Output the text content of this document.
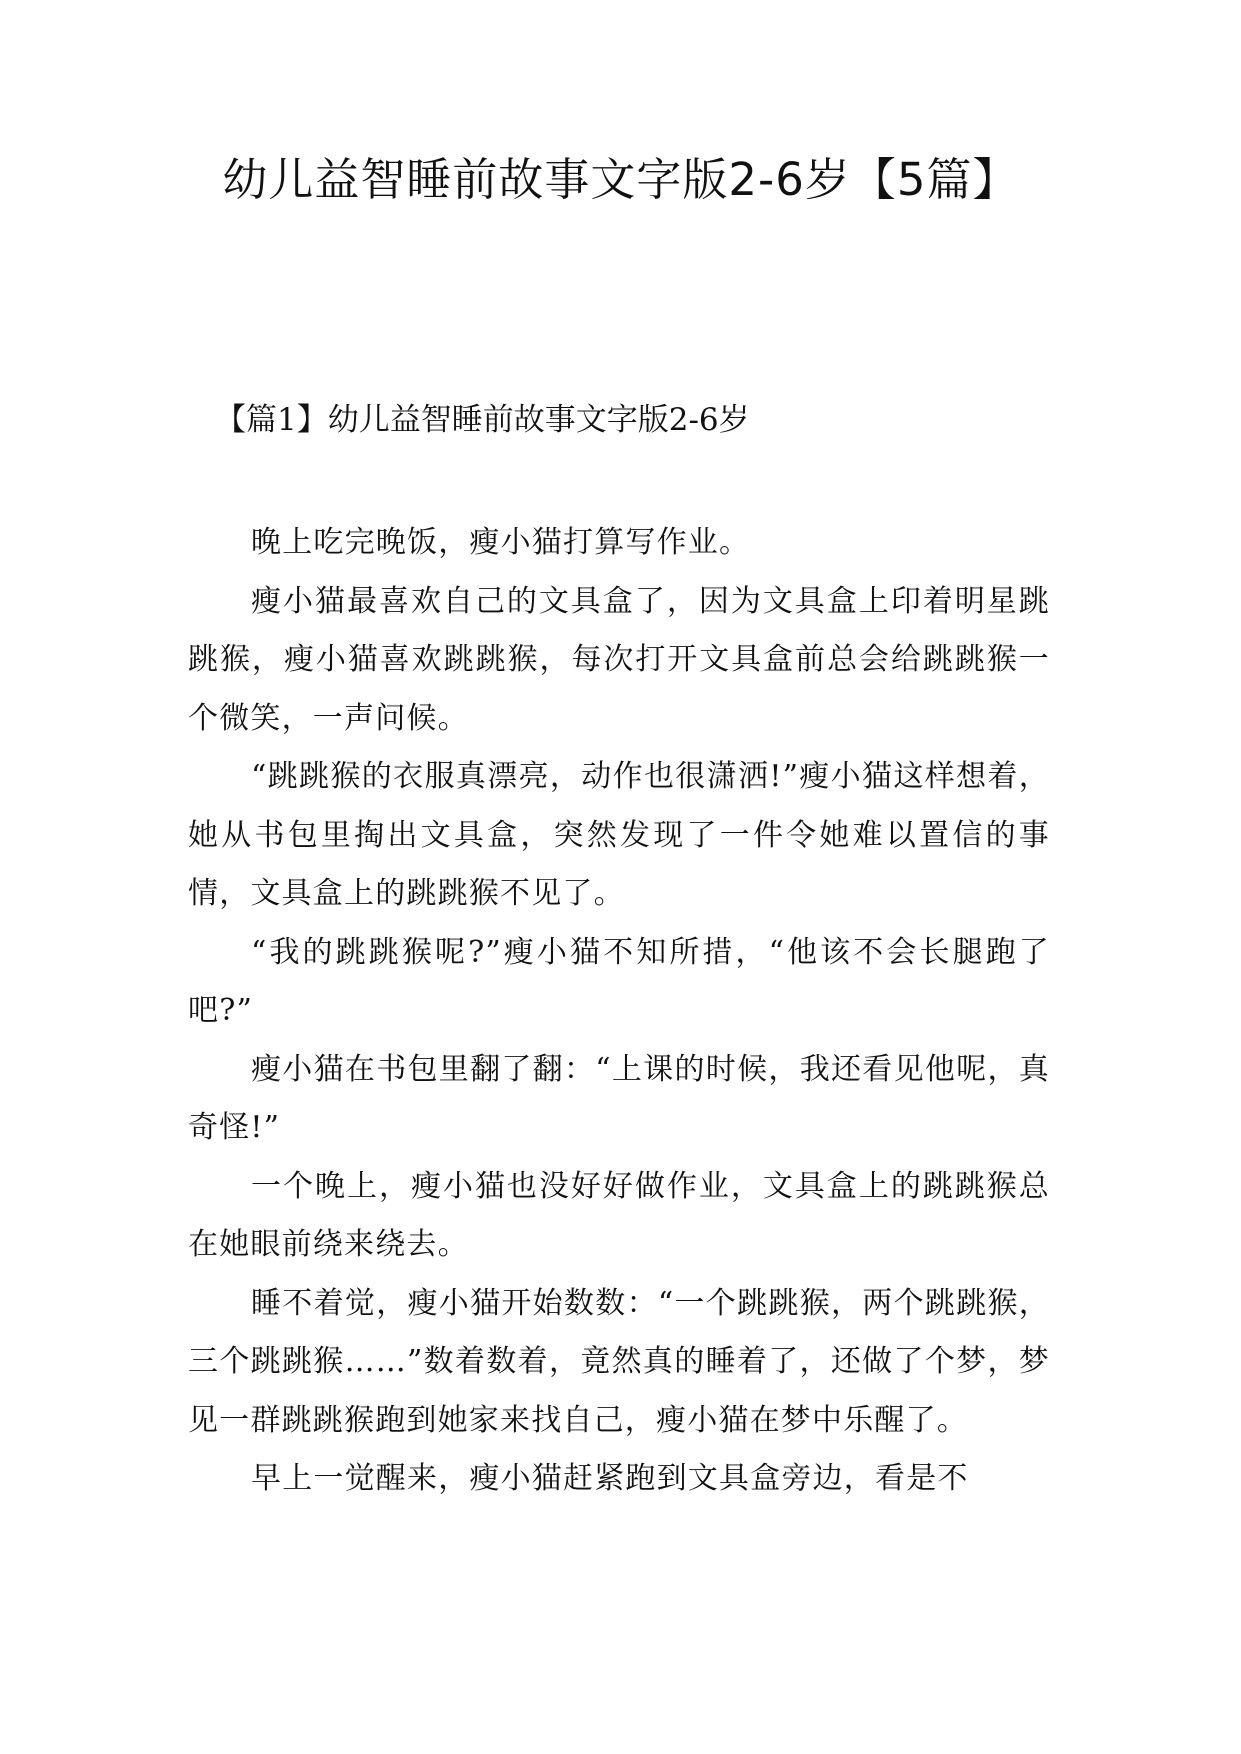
幼儿益智睡前故事文字版2-6岁【5篇】
【篇1】幼儿益智睡前故事文字版2-6岁

晚上吃完晚饭，瘦小猫打算写作业。

瘦小猫最喜欢自己的文具盒了，因为文具盒上印着明星跳跳猴，瘦小猫喜欢跳跳猴，每次打开文具盒前总会给跳跳猴一个微笑，一声问候。

“跳跳猴的衣服真漂亮，动作也很潇洒!”瘦小猫这样想着，她从书包里掏出文具盒，突然发现了一件令她难以置信的事情，文具盒上的跳跳猴不见了。

“我的跳跳猴呢?”瘦小猫不知所措，“他该不会长腿跑了吧?”

瘦小猫在书包里翻了翻：“上课的时候，我还看见他呢，真奇怪!”

一个晚上，瘦小猫也没好好做作业，文具盒上的跳跳猴总在她眼前绕来绕去。

睡不着觉，瘦小猫开始数数：“一个跳跳猴，两个跳跳猴，三个跳跳猴……”数着数着，竟然真的睡着了，还做了个梦，梦见一群跳跳猴跑到她家来找自己，瘦小猫在梦中乐醒了。

早上一觉醒来，瘦小猫赶紧跑到文具盒旁边，看是不
